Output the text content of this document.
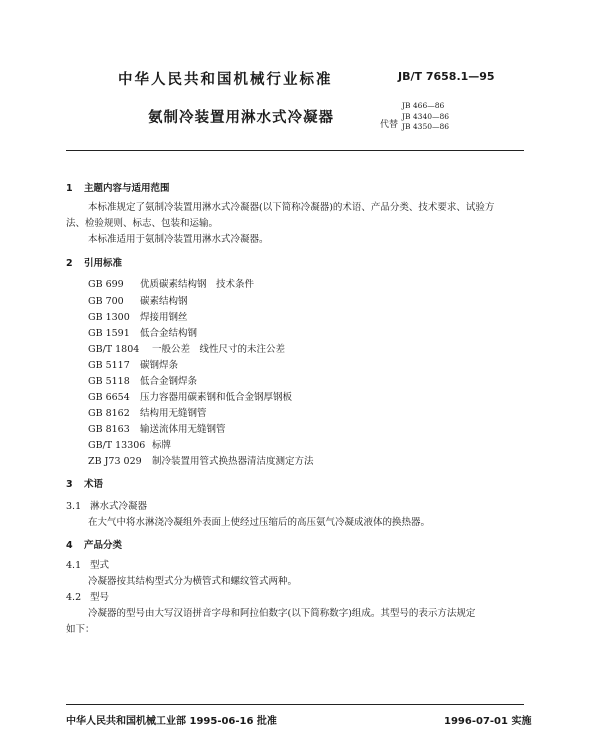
中华人民共和国机械行业标准	JB/T 7658.1—95
氨制冷装置用淋水式冷凝器	代替
JB 466—86
JB 4340—86
JB 4350—86
1 主题内容与适用范围
本标准规定了氨制冷装置用淋水式冷凝器(以下简称冷凝器)的术语、产品分类、技术要求、试验方
法、检验规则、标志、包装和运输。
本标准适用于氨制冷装置用淋水式冷凝器。
2 引用标准
GB 699 优质碳素结构钢　技术条件
GB 700 碳素结构钢
GB 1300 焊接用钢丝
GB 1591 低合金结构钢
GB/T 1804 一般公差　线性尺寸的未注公差
GB 5117 碳钢焊条
GB 5118 低合金钢焊条
GB 6654 压力容器用碳素钢和低合金钢厚钢板
GB 8162 结构用无缝钢管
GB 8163 输送流体用无缝钢管
GB/T 13306 标牌
ZB J73 029 制冷装置用管式换热器清洁度测定方法
3 术语
3.1 淋水式冷凝器
在大气中将水淋浇冷凝组外表面上使经过压缩后的高压氨气冷凝成液体的换热器。
4 产品分类
4.1 型式
冷凝器按其结构型式分为横管式和螺纹管式两种。
4.2 型号
冷凝器的型号由大写汉语拼音字母和阿拉伯数字(以下简称数字)组成。其型号的表示方法规定
如下：
中华人民共和国机械工业部 1995-06-16 批准	1996-07-01 实施
